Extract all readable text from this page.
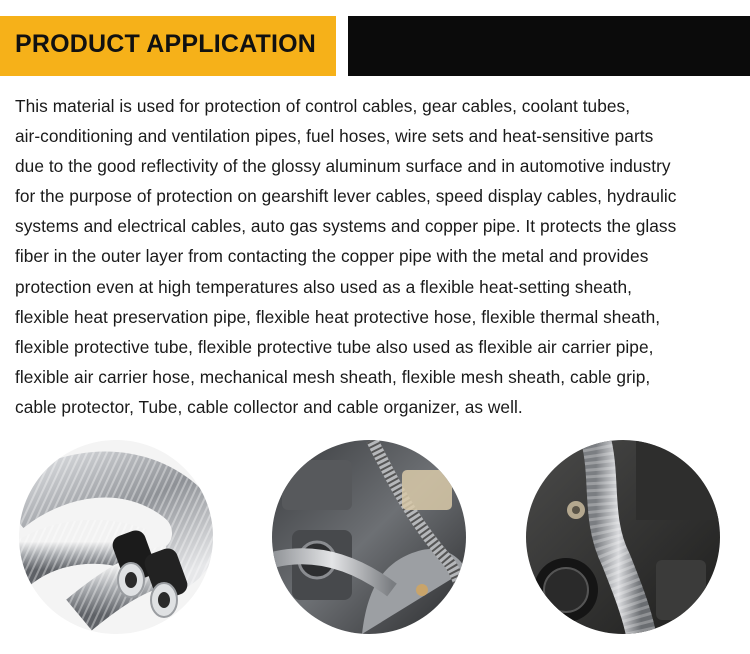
PRODUCT APPLICATION
This material is used for protection of control cables, gear cables, coolant tubes,
air-conditioning and ventilation pipes, fuel hoses, wire sets and heat-sensitive parts
due to the good reflectivity of the glossy aluminum surface and in automotive industry
for the purpose of protection on gearshift lever cables, speed display cables, hydraulic
systems and electrical cables, auto gas systems and copper pipe. It protects the glass
fiber in the outer layer from contacting the copper pipe with the metal and provides
protection even at high temperatures also used as a flexible heat-setting sheath,
flexible heat preservation pipe, flexible heat protective hose, flexible thermal sheath,
flexible protective tube, flexible protective tube also used as flexible air carrier pipe,
flexible air carrier hose, mechanical mesh sheath, flexible mesh sheath, cable grip,
cable protector, Tube, cable collector and cable organizer, as well.
